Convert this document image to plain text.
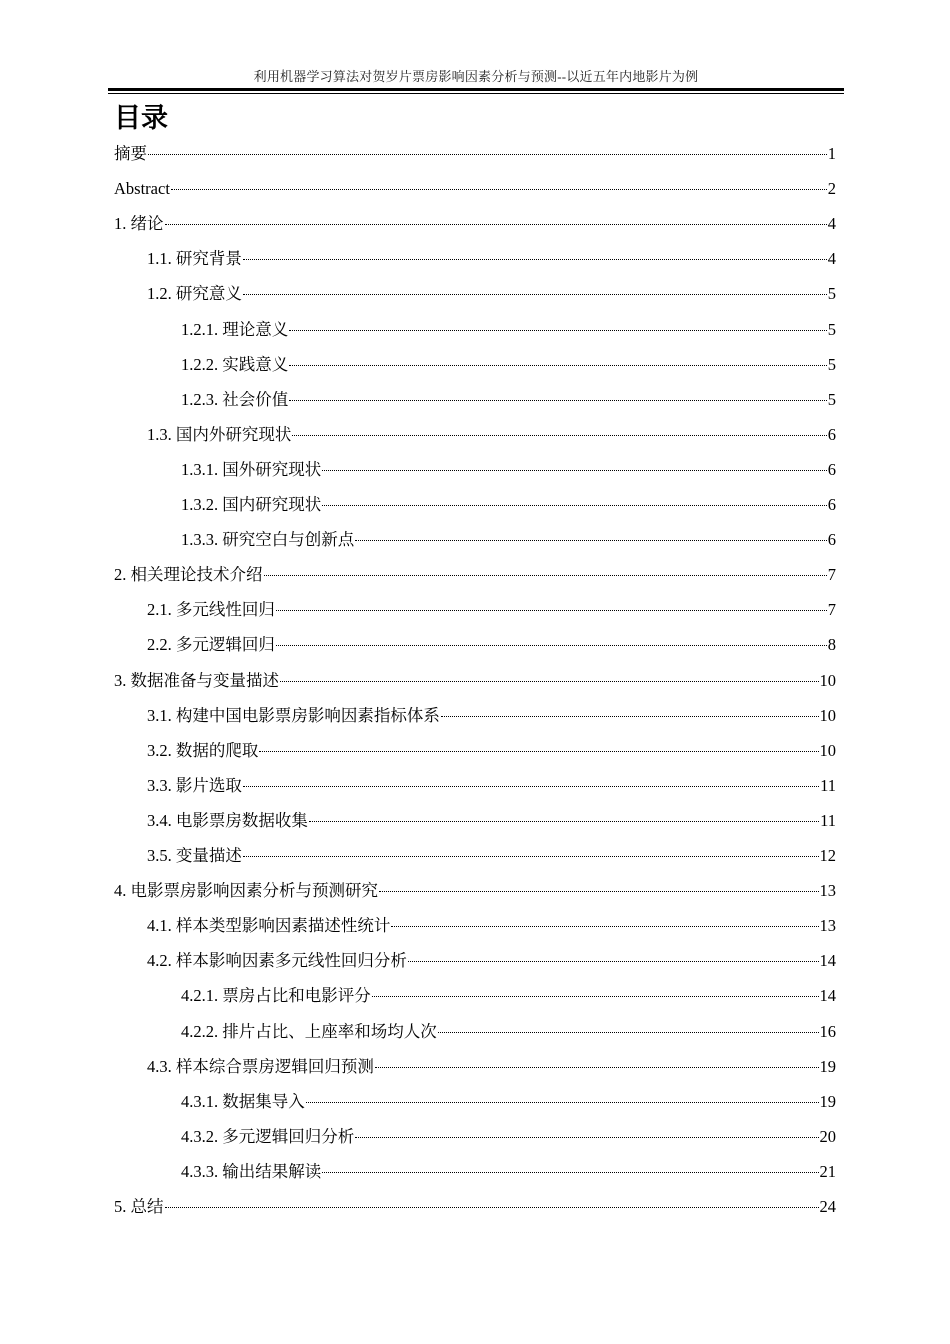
利用机器学习算法对贺岁片票房影响因素分析与预测--以近五年内地影片为例
目录
摘要	1
Abstract	2
1. 绪论	4
1.1. 研究背景	4
1.2. 研究意义	5
1.2.1. 理论意义	5
1.2.2. 实践意义	5
1.2.3. 社会价值	5
1.3. 国内外研究现状	6
1.3.1. 国外研究现状	6
1.3.2. 国内研究现状	6
1.3.3. 研究空白与创新点	6
2. 相关理论技术介绍	7
2.1. 多元线性回归	7
2.2. 多元逻辑回归	8
3. 数据准备与变量描述	10
3.1. 构建中国电影票房影响因素指标体系	10
3.2. 数据的爬取	10
3.3. 影片选取	11
3.4. 电影票房数据收集	11
3.5. 变量描述	12
4. 电影票房影响因素分析与预测研究	13
4.1. 样本类型影响因素描述性统计	13
4.2. 样本影响因素多元线性回归分析	14
4.2.1. 票房占比和电影评分	14
4.2.2. 排片占比、上座率和场均人次	16
4.3. 样本综合票房逻辑回归预测	19
4.3.1. 数据集导入	19
4.3.2. 多元逻辑回归分析	20
4.3.3. 输出结果解读	21
5. 总结	24
